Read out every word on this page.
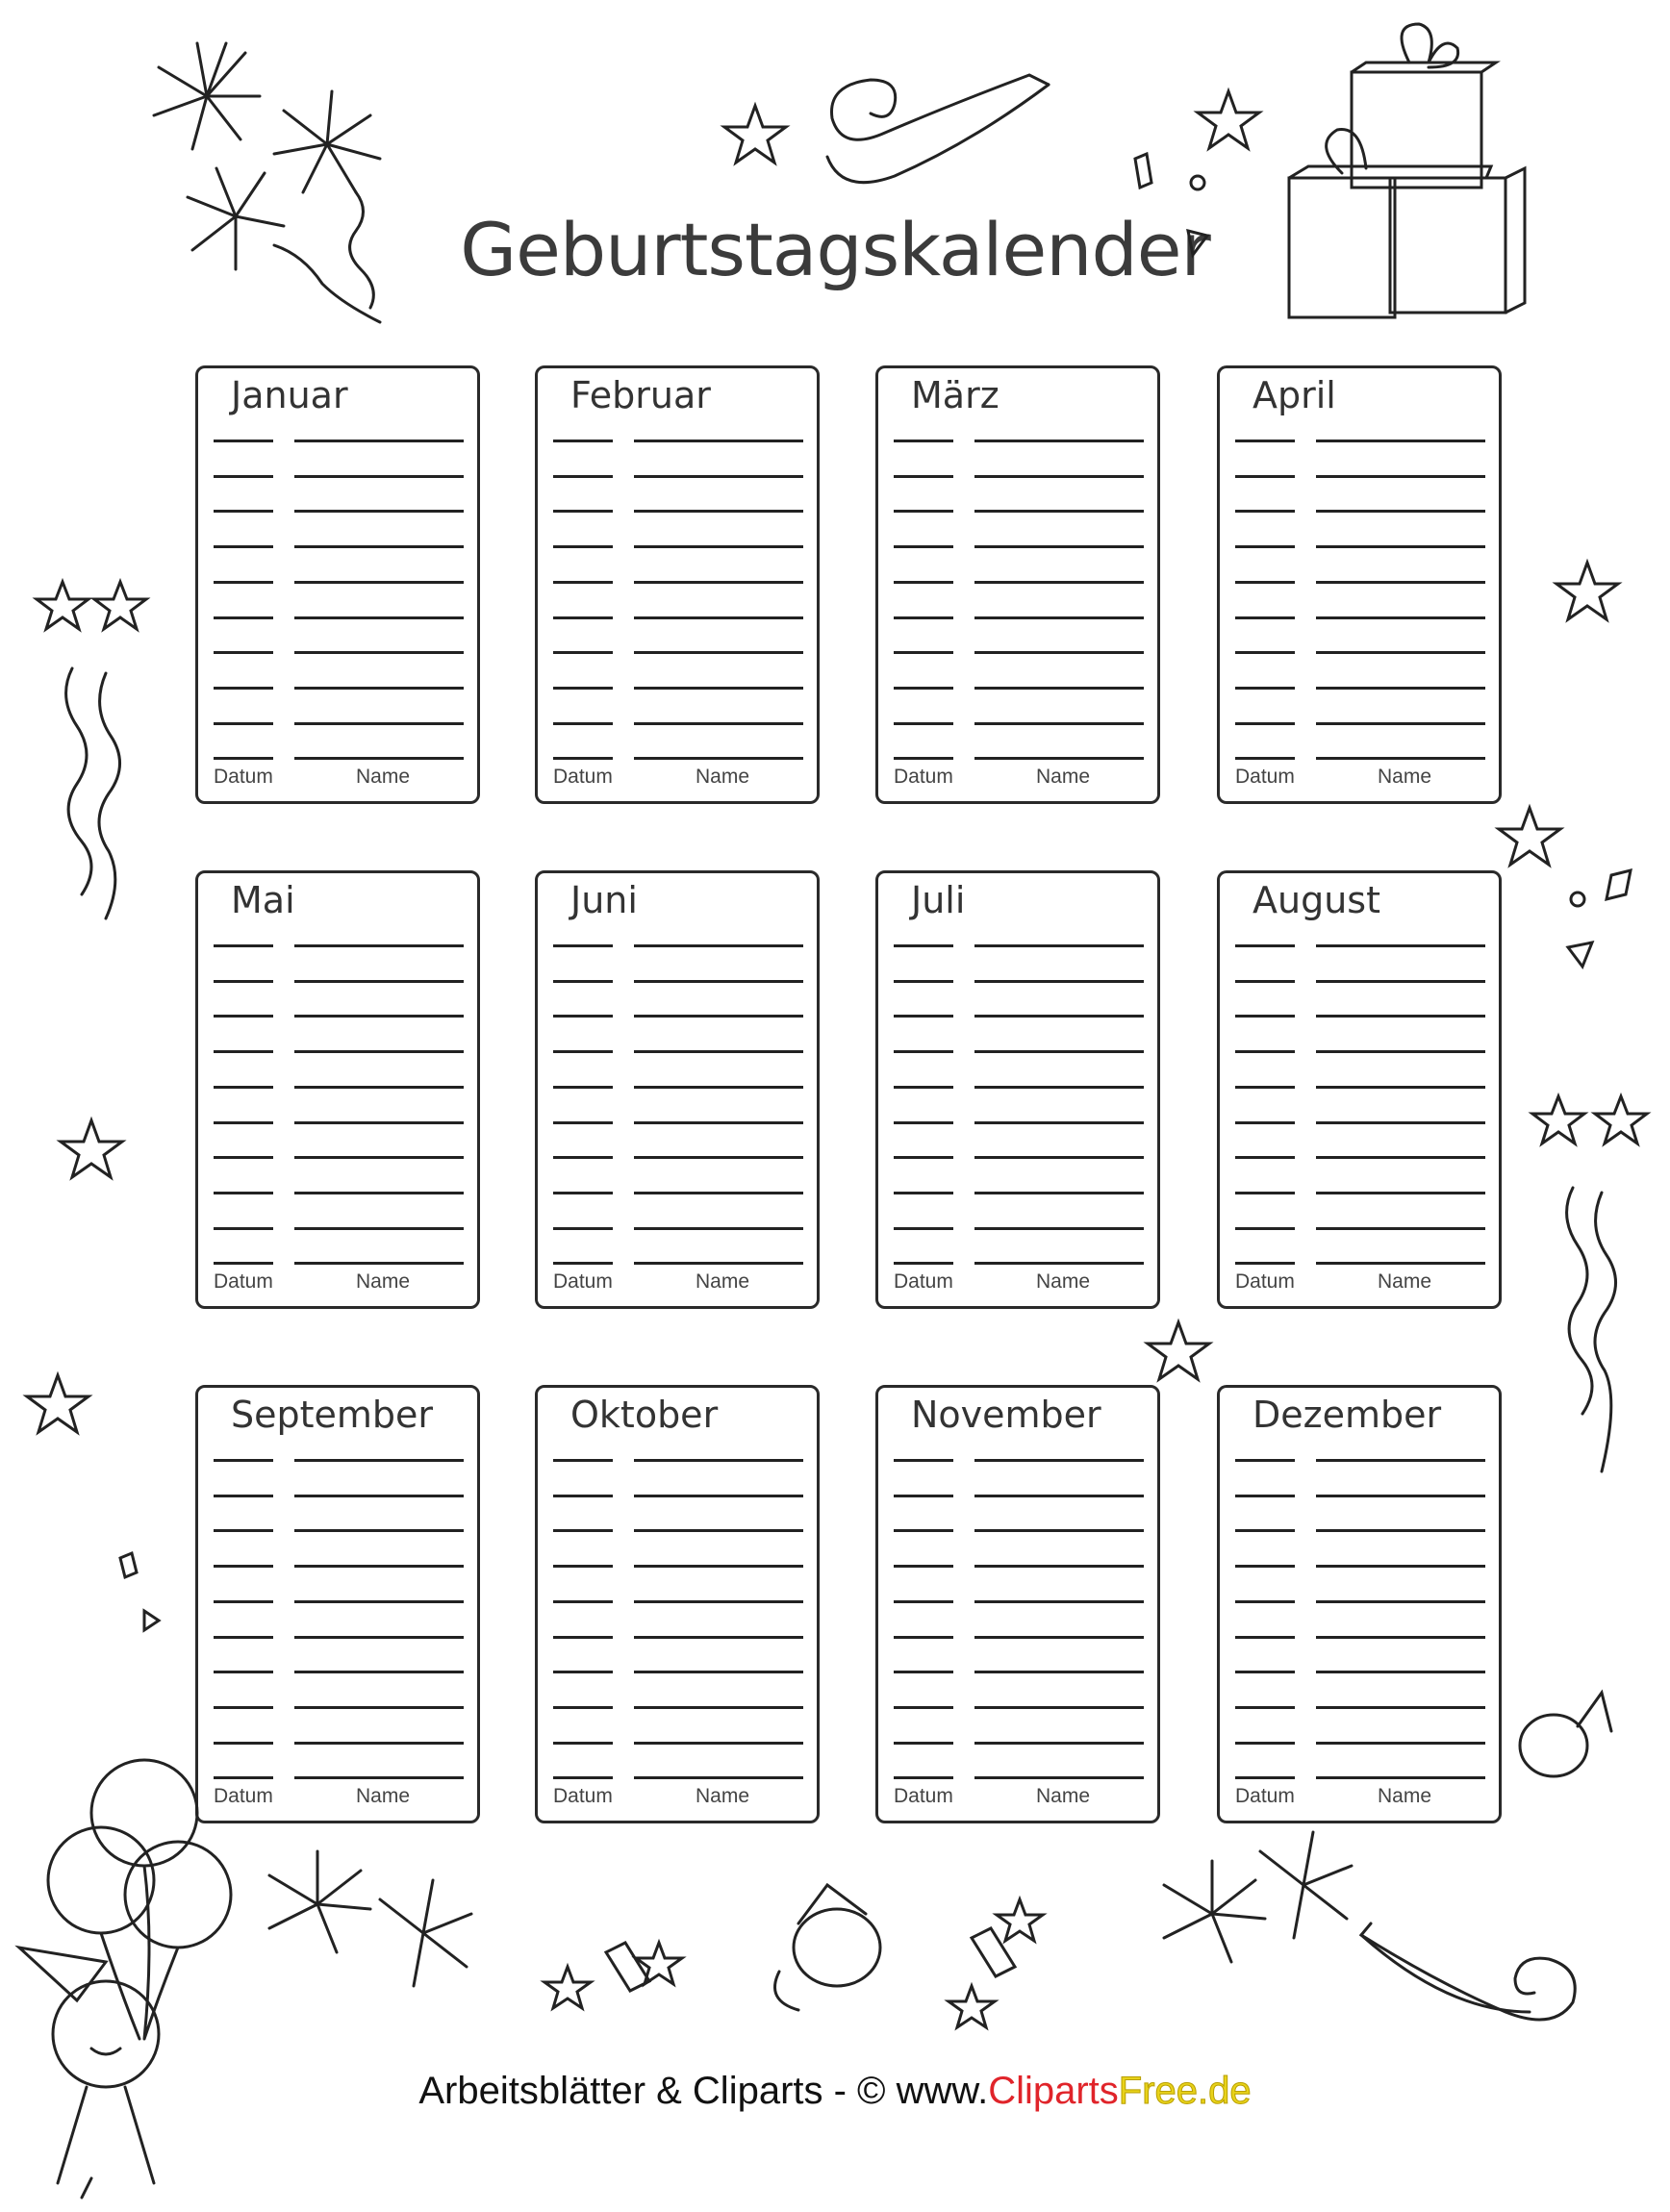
Geburtstagskalender
Januar
Datum	Name
Februar
Datum	Name
März
Datum	Name
April
Datum	Name
Mai
Datum	Name
Juni
Datum	Name
Juli
Datum	Name
August
Datum	Name
September
Datum	Name
Oktober
Datum	Name
November
Datum	Name
Dezember
Datum	Name
Arbeitsblätter & Cliparts - © www.ClipartsFree.de
